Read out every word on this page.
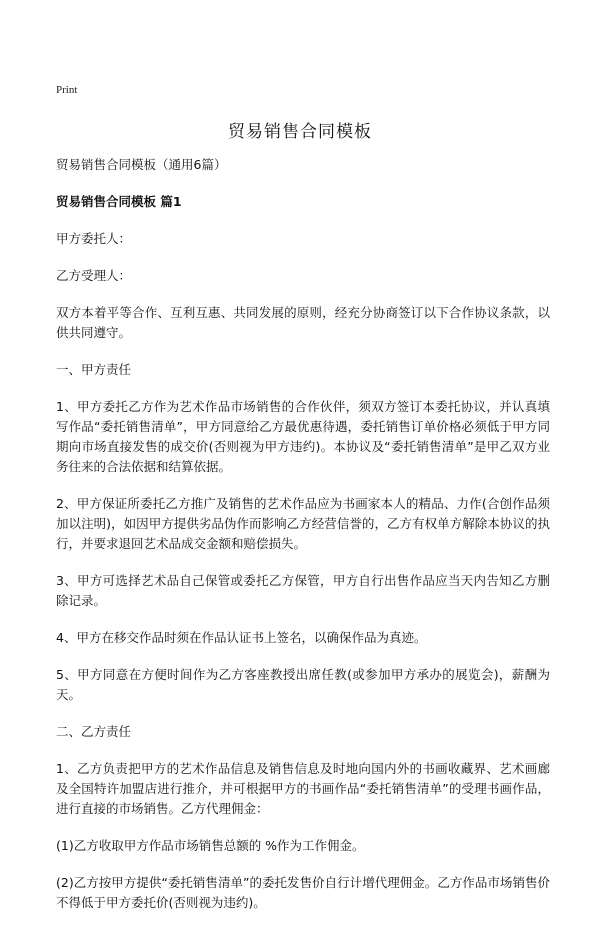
Print
贸易销售合同模板

贸易销售合同模板（通用6篇）

贸易销售合同模板 篇1

甲方委托人：

乙方受理人：

双方本着平等合作、互利互惠、共同发展的原则，经充分协商签订以下合作协议条款，以供共同遵守。

一、甲方责任

1、甲方委托乙方作为艺术作品市场销售的合作伙伴，须双方签订本委托协议，并认真填写作品“委托销售清单”，甲方同意给乙方最优惠待遇，委托销售订单价格必须低于甲方同期向市场直接发售的成交价(否则视为甲方违约)。本协议及“委托销售清单”是甲乙双方业务往来的合法依据和结算依据。

2、甲方保证所委托乙方推广及销售的艺术作品应为书画家本人的精品、力作(合创作品须加以注明)，如因甲方提供劣品伪作而影响乙方经营信誉的，乙方有权单方解除本协议的执行，并要求退回艺术品成交金额和赔偿损失。

3、甲方可选择艺术品自己保管或委托乙方保管，甲方自行出售作品应当天内告知乙方删除记录。

4、甲方在移交作品时须在作品认证书上签名，以确保作品为真迹。

5、甲方同意在方便时间作为乙方客座教授出席任教(或参加甲方承办的展览会)，薪酬为 天。

二、乙方责任

1、乙方负责把甲方的艺术作品信息及销售信息及时地向国内外的书画收藏界、艺术画廊及全国特许加盟店进行推介，并可根据甲方的书画作品“委托销售清单”的受理书画作品，进行直接的市场销售。乙方代理佣金：

(1)乙方收取甲方作品市场销售总额的 %作为工作佣金。

(2)乙方按甲方提供“委托销售清单”的委托发售价自行计增代理佣金。乙方作品市场销售价不得低于甲方委托价(否则视为违约)。
